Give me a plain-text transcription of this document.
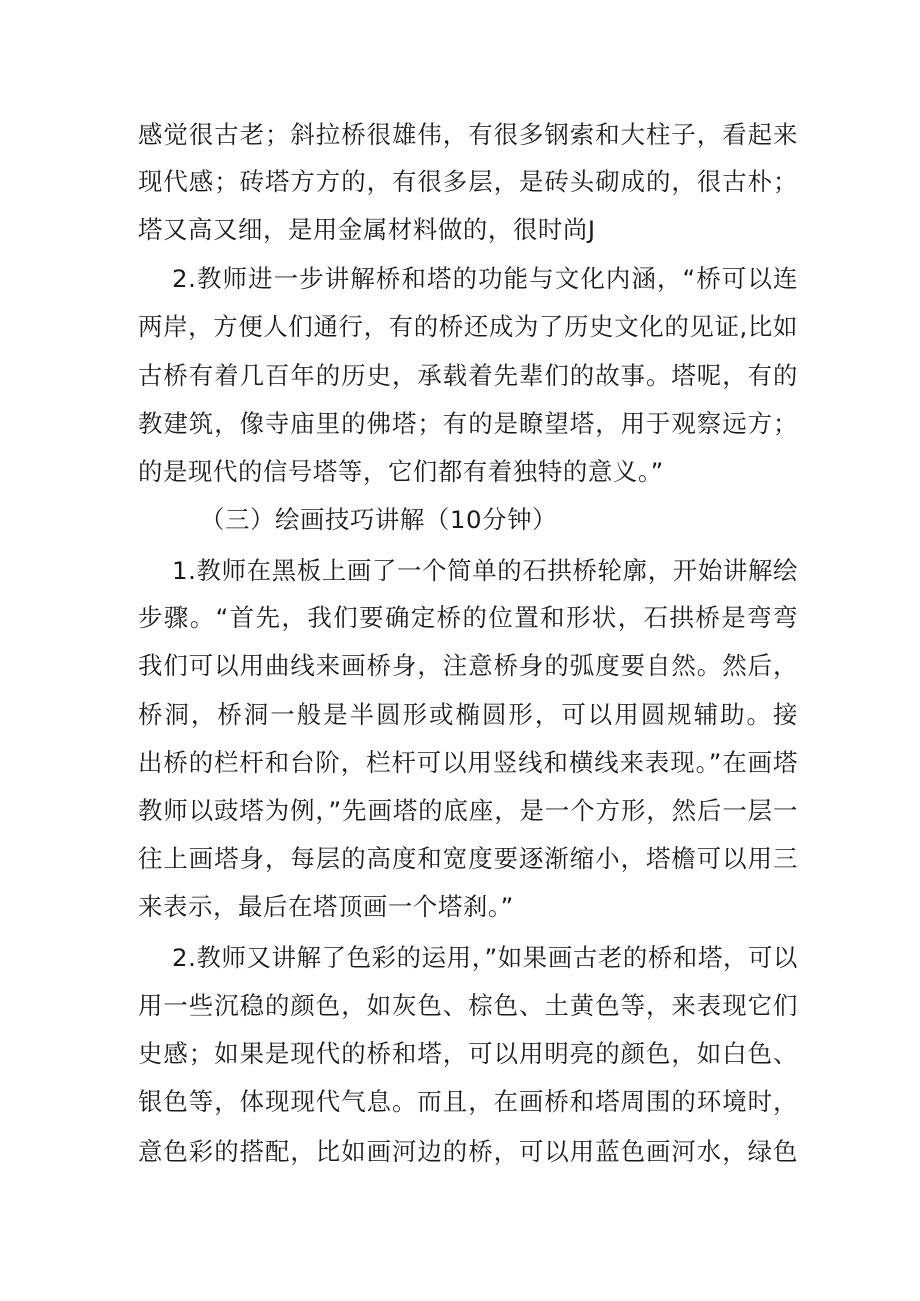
感觉很古老；斜拉桥很雄伟，有很多钢索和大柱子，看起来
现代感；砖塔方方的，有很多层，是砖头砌成的，很古朴；
塔又高又细，是用金属材料做的，很时尚J
2.教师进一步讲解桥和塔的功能与文化内涵，“桥可以连
两岸，方便人们通行，有的桥还成为了历史文化的见证,比如
古桥有着几百年的历史，承载着先辈们的故事。塔呢，有的
教建筑，像寺庙里的佛塔；有的是瞭望塔，用于观察远方；
的是现代的信号塔等，它们都有着独特的意义。”
（三）绘画技巧讲解（10分钟）
1.教师在黑板上画了一个简单的石拱桥轮廓，开始讲解绘
步骤。“首先，我们要确定桥的位置和形状，石拱桥是弯弯
我们可以用曲线来画桥身，注意桥身的弧度要自然。然后，
桥洞，桥洞一般是半圆形或椭圆形，可以用圆规辅助。接
出桥的栏杆和台阶，栏杆可以用竖线和横线来表现。”在画塔
教师以豉塔为例，”先画塔的底座，是一个方形，然后一层一
往上画塔身，每层的高度和宽度要逐渐缩小，塔檐可以用三
来表示，最后在塔顶画一个塔刹。”
2.教师又讲解了色彩的运用，”如果画古老的桥和塔，可以
用一些沉稳的颜色，如灰色、棕色、土黄色等，来表现它们
史感；如果是现代的桥和塔，可以用明亮的颜色，如白色、
银色等，体现现代气息。而且，在画桥和塔周围的环境时，
意色彩的搭配，比如画河边的桥，可以用蓝色画河水，绿色
